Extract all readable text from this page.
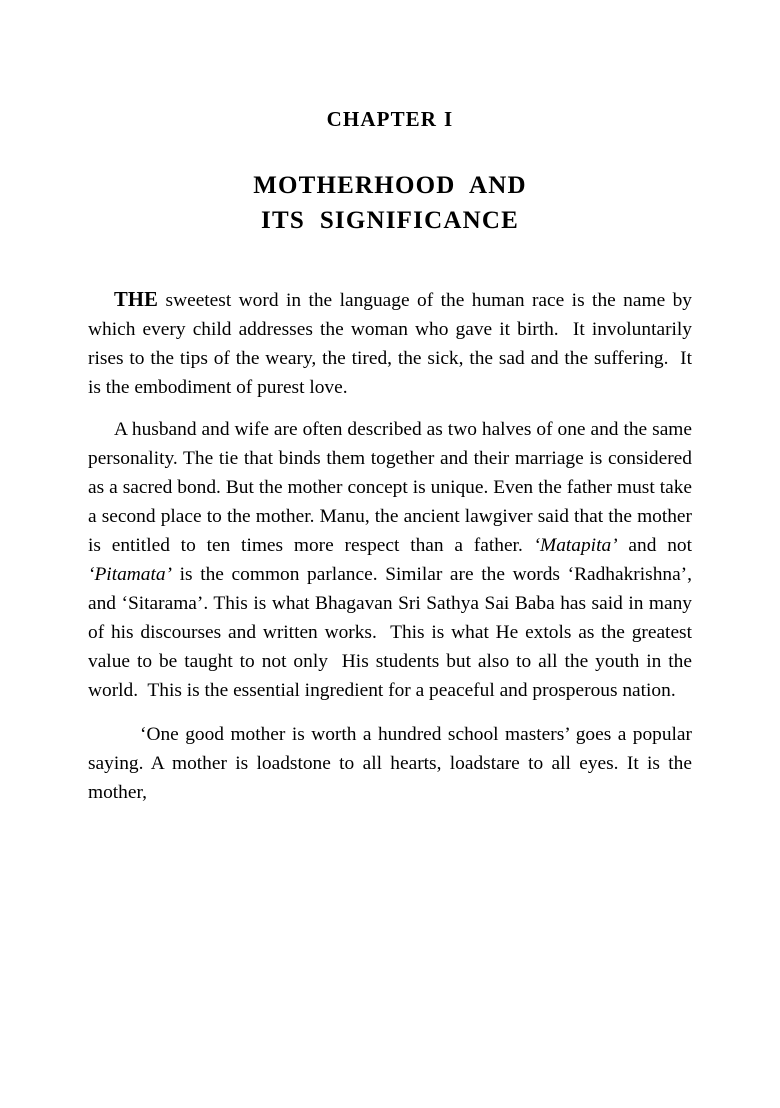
CHAPTER I
MOTHERHOOD  AND
ITS  SIGNIFICANCE

THE sweetest word in the language of the human race is the name by which every child addresses the woman who gave it birth.  It involuntarily rises to the tips of the weary, the tired, the sick, the sad and the suffering.  It is the embodiment of purest love.

A husband and wife are often described as two halves of one and the same personality. The tie that binds them together and their marriage is considered as a sacred bond. But the mother concept is unique. Even the father must take a second place to the mother. Manu, the ancient lawgiver said that the mother is entitled to ten times more respect than a father. ‘Matapita’ and not ‘Pitamata’ is the common parlance. Similar are the words ‘Radhakrishna’, and ‘Sitarama’. This is what Bhagavan Sri Sathya Sai Baba has said in many of his discourses and written works.  This is what He extols as the greatest value to be taught to not only  His students but also to all the youth in the world.  This is the essential ingredient for a peaceful and prosperous nation.

‘One good mother is worth a hundred school masters’ goes a popular saying. A mother is loadstone to all hearts, loadstare to all eyes. It is the mother,
